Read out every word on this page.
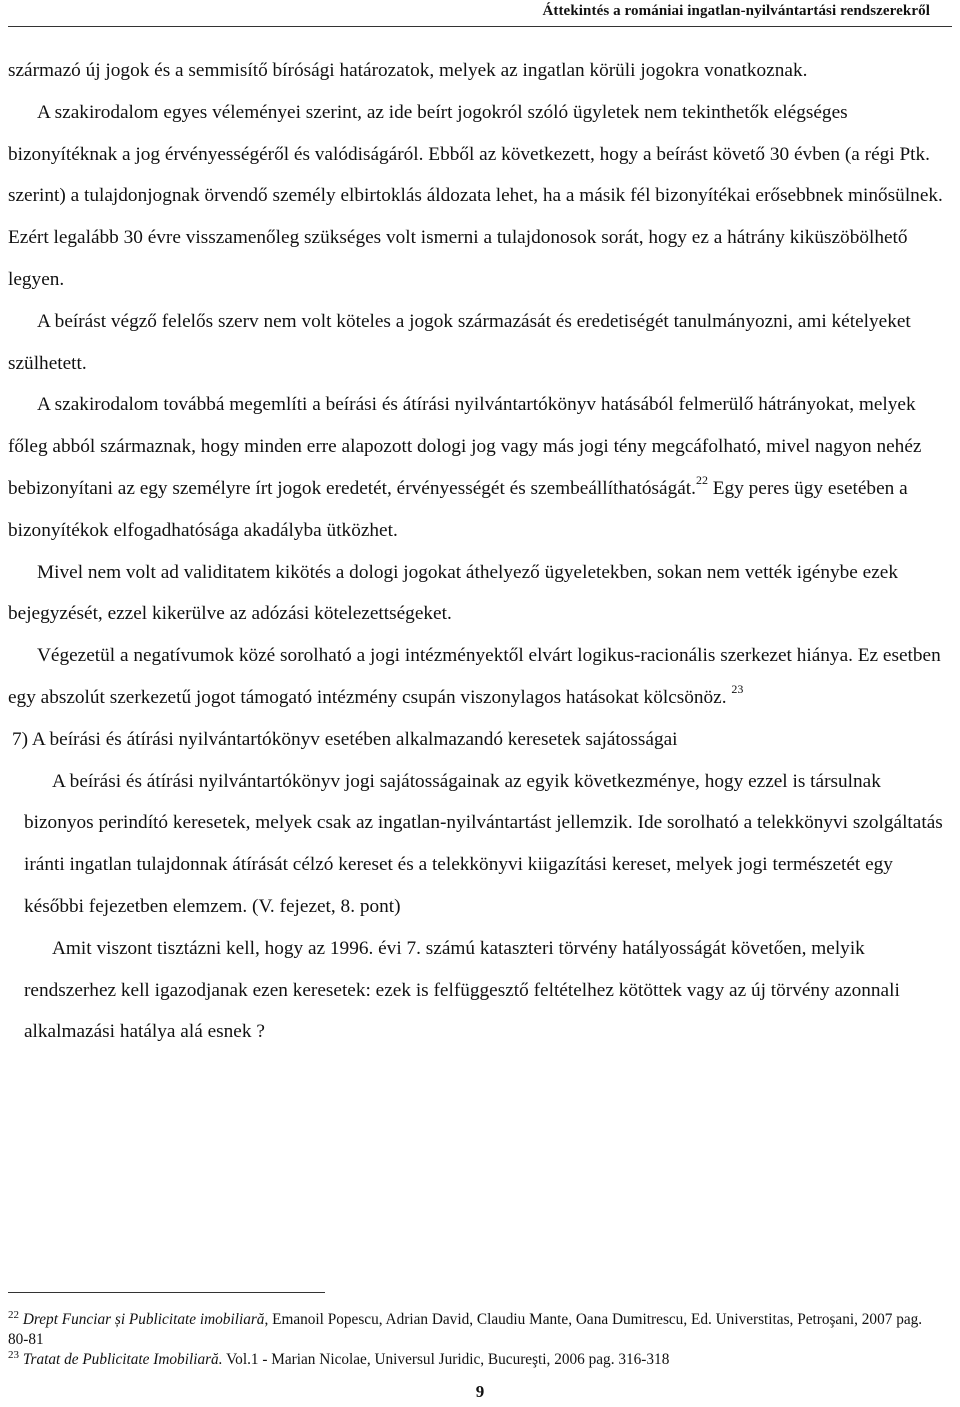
Áttekintés a romániai ingatlan-nyilvántartási rendszerekről

származó új jogok és a semmisítő bírósági határozatok, melyek az ingatlan körüli jogokra vonatkoznak.

A szakirodalom egyes véleményei szerint, az ide beírt jogokról szóló ügyletek nem tekinthetők elégséges bizonyítéknak a jog érvényességéről és valódiságáról. Ebből az következett, hogy a beírást követő 30 évben (a régi Ptk. szerint) a tulajdonjognak örvendő személy elbirtoklás áldozata lehet, ha a másik fél bizonyítékai erősebbnek minősülnek. Ezért legalább 30 évre visszamenőleg szükséges volt ismerni a tulajdonosok sorát, hogy ez a hátrány kiküszöbölhető legyen.

A beírást végző felelős szerv nem volt köteles a jogok származását és eredetiségét tanulmányozni, ami kételyeket szülhetett.

A szakirodalom továbbá megemlíti a beírási és átírási nyilvántartókönyv hatásából felmerülő hátrányokat, melyek főleg abból származnak, hogy minden erre alapozott dologi jog vagy más jogi tény megcáfolható, mivel nagyon nehéz bebizonyítani az egy személyre írt jogok eredetét, érvényességét és szembeállíthatóságát.$^{22}$ Egy peres ügy esetében a bizonyítékok elfogadhatósága akadályba ütközhet.

Mivel nem volt ad validitatem kikötés a dologi jogokat áthelyező ügyeletekben, sokan nem vették igénybe ezek bejegyzését, ezzel kikerülve az adózási kötelezettségeket.

Végezetül a negatívumok közé sorolható a jogi intézményektől elvárt logikus-racionális szerkezet hiánya. Ez esetben egy abszolút szerkezetű jogot támogató intézmény csupán viszonylagos hatásokat kölcsönöz. $^{23}$

7) A beírási és átírási nyilvántartókönyv esetében alkalmazandó keresetek sajátosságai

A beírási és átírási nyilvántartókönyv jogi sajátosságainak az egyik következménye, hogy ezzel is társulnak bizonyos perindító keresetek, melyek csak az ingatlan-nyilvántartást jellemzik. Ide sorolható a telekkönyvi szolgáltatás iránti ingatlan tulajdonnak átírását célzó kereset és a telekkönyvi kiigazítási kereset, melyek jogi természetét egy későbbi fejezetben elemzem. (V. fejezet, 8. pont)

Amit viszont tisztázni kell, hogy az 1996. évi 7. számú kataszteri törvény hatályosságát követően, melyik rendszerhez kell igazodjanak ezen keresetek: ezek is felfüggesztő feltételhez kötöttek vagy az új törvény azonnali alkalmazási hatálya alá esnek ?

$^{22}$ Drept Funciar și Publicitate imobiliară, Emanoil Popescu, Adrian David, Claudiu Mante, Oana Dumitrescu, Ed. Universtitas, Petroşani, 2007 pag. 80-81

$^{23}$ Tratat de Publicitate Imobiliară. Vol.1 - Marian Nicolae, Universul Juridic, Bucureşti, 2006 pag. 316-318

9
